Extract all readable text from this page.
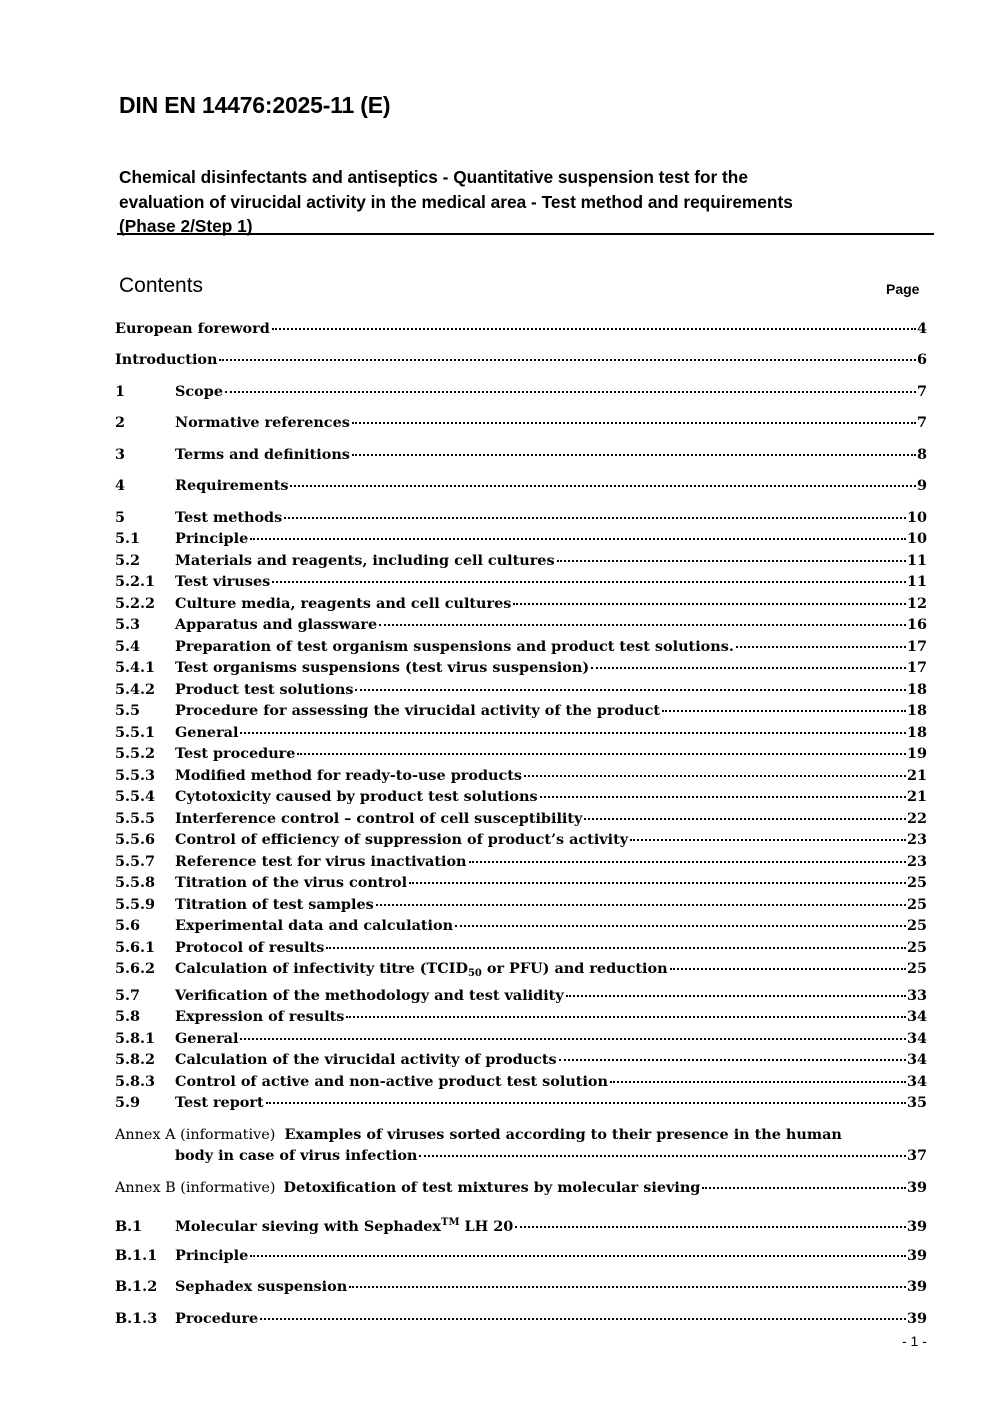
DIN EN 14476:2025-11 (E)
Chemical disinfectants and antiseptics - Quantitative suspension test for the
evaluation of virucidal activity in the medical area - Test method and requirements
(Phase 2/Step 1)
Contents	Page
European foreword	4
Introduction	6
1	Scope	7
2	Normative references	7
3	Terms and definitions	8
4	Requirements	9
5	Test methods	10
5.1	Principle	10
5.2	Materials and reagents, including cell cultures	11
5.2.1	Test viruses	11
5.2.2	Culture media, reagents and cell cultures	12
5.3	Apparatus and glassware	16
5.4	Preparation of test organism suspensions and product test solutions.	17
5.4.1	Test organisms suspensions (test virus suspension)	17
5.4.2	Product test solutions	18
5.5	Procedure for assessing the virucidal activity of the product	18
5.5.1	General	18
5.5.2	Test procedure	19
5.5.3	Modified method for ready-to-use products	21
5.5.4	Cytotoxicity caused by product test solutions	21
5.5.5	Interference control – control of cell susceptibility	22
5.5.6	Control of efficiency of suppression of product’s activity	23
5.5.7	Reference test for virus inactivation	23
5.5.8	Titration of the virus control	25
5.5.9	Titration of test samples	25
5.6	Experimental data and calculation	25
5.6.1	Protocol of results	25
5.6.2	Calculation of infectivity titre ($TCID_{50}$ or PFU) and reduction	25
5.7	Verification of the methodology and test validity	33
5.8	Expression of results	34
5.8.1	General	34
5.8.2	Calculation of the virucidal activity of products	34
5.8.3	Control of active and non-active product test solution	34
5.9	Test report	35
Annex A (informative) Examples of viruses sorted according to their presence in the human
body in case of virus infection	37
Annex B (informative) Detoxification of test mixtures by molecular sieving	39
B.1	Molecular sieving with Sephadex™ LH 20	39
B.1.1	Principle	39
B.1.2	Sephadex suspension	39
B.1.3	Procedure	39
- 1 -
